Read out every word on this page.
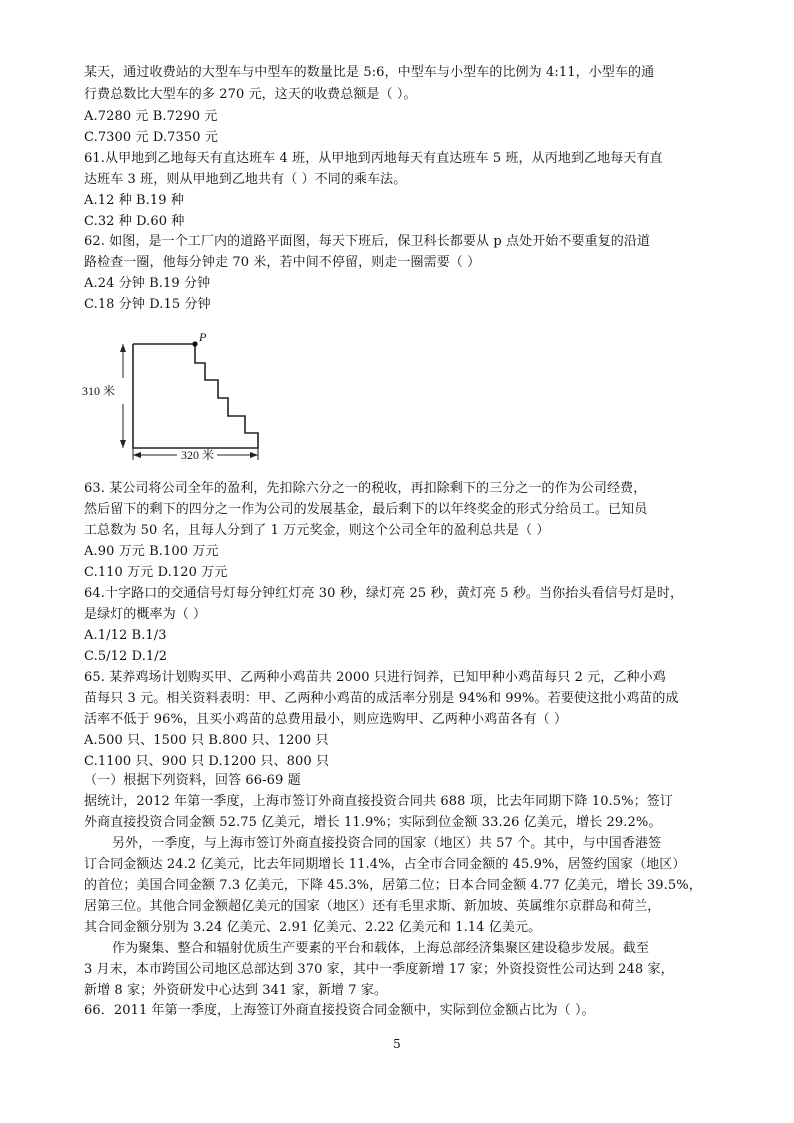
某天，通过收费站的大型车与中型车的数量比是 5:6，中型车与小型车的比例为 4:11，小型车的通
行费总数比大型车的多 270 元，这天的收费总额是（ ）。
A.7280 元 B.7290 元
C.7300 元 D.7350 元
61.从甲地到乙地每天有直达班车 4 班，从甲地到丙地每天有直达班车 5 班，从丙地到乙地每天有直
达班车 3 班，则从甲地到乙地共有（ ）不同的乘车法。
A.12 种 B.19 种
C.32 种 D.60 种
62. 如图，是一个工厂内的道路平面图，每天下班后，保卫科长都要从 p 点处开始不要重复的沿道
路检查一圈，他每分钟走 70 米，若中间不停留，则走一圈需要（ ）
A.24 分钟 B.19 分钟
C.18 分钟 D.15 分钟
P
310 米
320 米
63. 某公司将公司全年的盈利，先扣除六分之一的税收，再扣除剩下的三分之一的作为公司经费，
然后留下的剩下的四分之一作为公司的发展基金，最后剩下的以年终奖金的形式分给员工。已知员
工总数为 50 名，且每人分到了 1 万元奖金，则这个公司全年的盈利总共是（ ）
A.90 万元 B.100 万元
C.110 万元 D.120 万元
64.十字路口的交通信号灯每分钟红灯亮 30 秒，绿灯亮 25 秒，黄灯亮 5 秒。当你抬头看信号灯是时，
是绿灯的概率为（ ）
A.1/12 B.1/3
C.5/12 D.1/2
65. 某养鸡场计划购买甲、乙两种小鸡苗共 2000 只进行饲养，已知甲种小鸡苗每只 2 元，乙种小鸡
苗每只 3 元。相关资料表明：甲、乙两种小鸡苗的成活率分别是 94%和 99%。若要使这批小鸡苗的成
活率不低于 96%，且买小鸡苗的总费用最小，则应选购甲、乙两种小鸡苗各有（ ）
A.500 只、1500 只 B.800 只、1200 只
C.1100 只、900 只 D.1200 只、800 只
（一）根据下列资料，回答 66-69 题
据统计，2012 年第一季度，上海市签订外商直接投资合同共 688 项，比去年同期下降 10.5%；签订
外商直接投资合同金额 52.75 亿美元，增长 11.9%；实际到位金额 33.26 亿美元，增长 29.2%。
另外，一季度，与上海市签订外商直接投资合同的国家（地区）共 57 个。其中，与中国香港签
订合同金额达 24.2 亿美元，比去年同期增长 11.4%，占全市合同金额的 45.9%，居签约国家（地区）
的首位；美国合同金额 7.3 亿美元，下降 45.3%，居第二位；日本合同金额 4.77 亿美元，增长 39.5%，
居第三位。其他合同金额超亿美元的国家（地区）还有毛里求斯、新加坡、英属维尔京群岛和荷兰，
其合同金额分别为 3.24 亿美元、2.91 亿美元、2.22 亿美元和 1.14 亿美元。
作为聚集、整合和辐射优质生产要素的平台和载体，上海总部经济集聚区建设稳步发展。截至
3 月末，本市跨国公司地区总部达到 370 家，其中一季度新增 17 家；外资投资性公司达到 248 家，
新增 8 家；外资研发中心达到 341 家，新增 7 家。
66．2011 年第一季度，上海签订外商直接投资合同金额中，实际到位金额占比为（ ）。
5
